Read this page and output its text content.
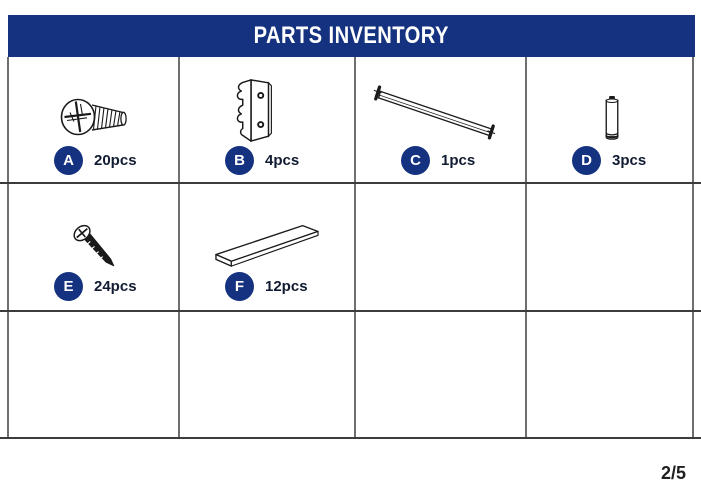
PARTS INVENTORY
A	20pcs	B	4pcs	C	1pcs	D	3pcs
E	24pcs	F	12pcs
2/5
